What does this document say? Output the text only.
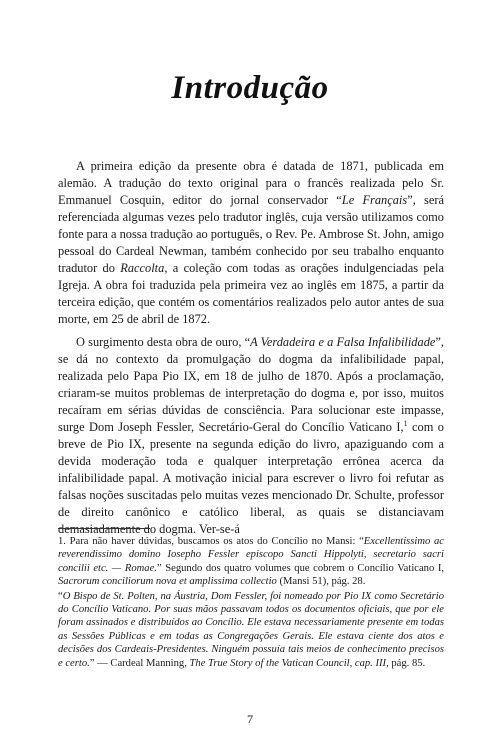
Introdução

A primeira edição da presente obra é datada de 1871, publicada em alemão. A tradução do texto original para o francês realizada pelo Sr. Emmanuel Cosquin, editor do jornal conservador “Le Français”, será referenciada algumas vezes pelo tradutor inglês, cuja versão utilizamos como fonte para a nossa tradução ao português, o Rev. Pe. Ambrose St. John, amigo pessoal do Cardeal Newman, também conhecido por seu trabalho enquanto tradutor do Raccolta, a coleção com todas as orações indulgenciadas pela Igreja. A obra foi traduzida pela primeira vez ao inglês em 1875, a partir da terceira edição, que contém os comentários realizados pelo autor antes de sua morte, em 25 de abril de 1872.

O surgimento desta obra de ouro, “A Verdadeira e a Falsa Infalibilidade”, se dá no contexto da promulgação do dogma da infalibilidade papal, realizada pelo Papa Pio IX, em 18 de julho de 1870. Após a proclamação, criaram-se muitos problemas de interpretação do dogma e, por isso, muitos recaíram em sérias dúvidas de consciência. Para solucionar este impasse, surge Dom Joseph Fessler, Secretário-Geral do Concílio Vaticano I,$^1$ com o breve de Pio IX, presente na segunda edição do livro, apaziguando com a devida moderação toda e qualquer interpretação errônea acerca da infalibilidade papal. A motivação inicial para escrever o livro foi refutar as falsas noções suscitadas pelo muitas vezes mencionado Dr. Schulte, professor de direito canônico e católico liberal, as quais se distanciavam demasiadamente do dogma. Ver-se-á

1. Para não haver dúvidas, buscamos os atos do Concílio no Mansi: “Excellentissimo ac reverendissimo domino Iosepho Fessler episcopo Sancti Hippolyti, secretario sacri concilii etc. — Romae.” Segundo dos quatro volumes que cobrem o Concílio Vaticano I, Sacrorum conciliorum nova et amplissima collectio (Mansi 51), pág. 28.

“O Bispo de St. Polten, na Áustria, Dom Fessler, foi nomeado por Pio IX como Secretário do Concílio Vaticano. Por suas mãos passavam todos os documentos oficiais, que por ele foram assinados e distribuídos ao Concílio. Ele estava necessariamente presente em todas as Sessões Públicas e em todas as Congregações Gerais. Ele estava ciente dos atos e decisões dos Cardeais-Presidentes. Ninguém possuía tais meios de conhecimento precisos e certo.” — Cardeal Manning, The True Story of the Vatican Council, cap. III, pág. 85.

7
